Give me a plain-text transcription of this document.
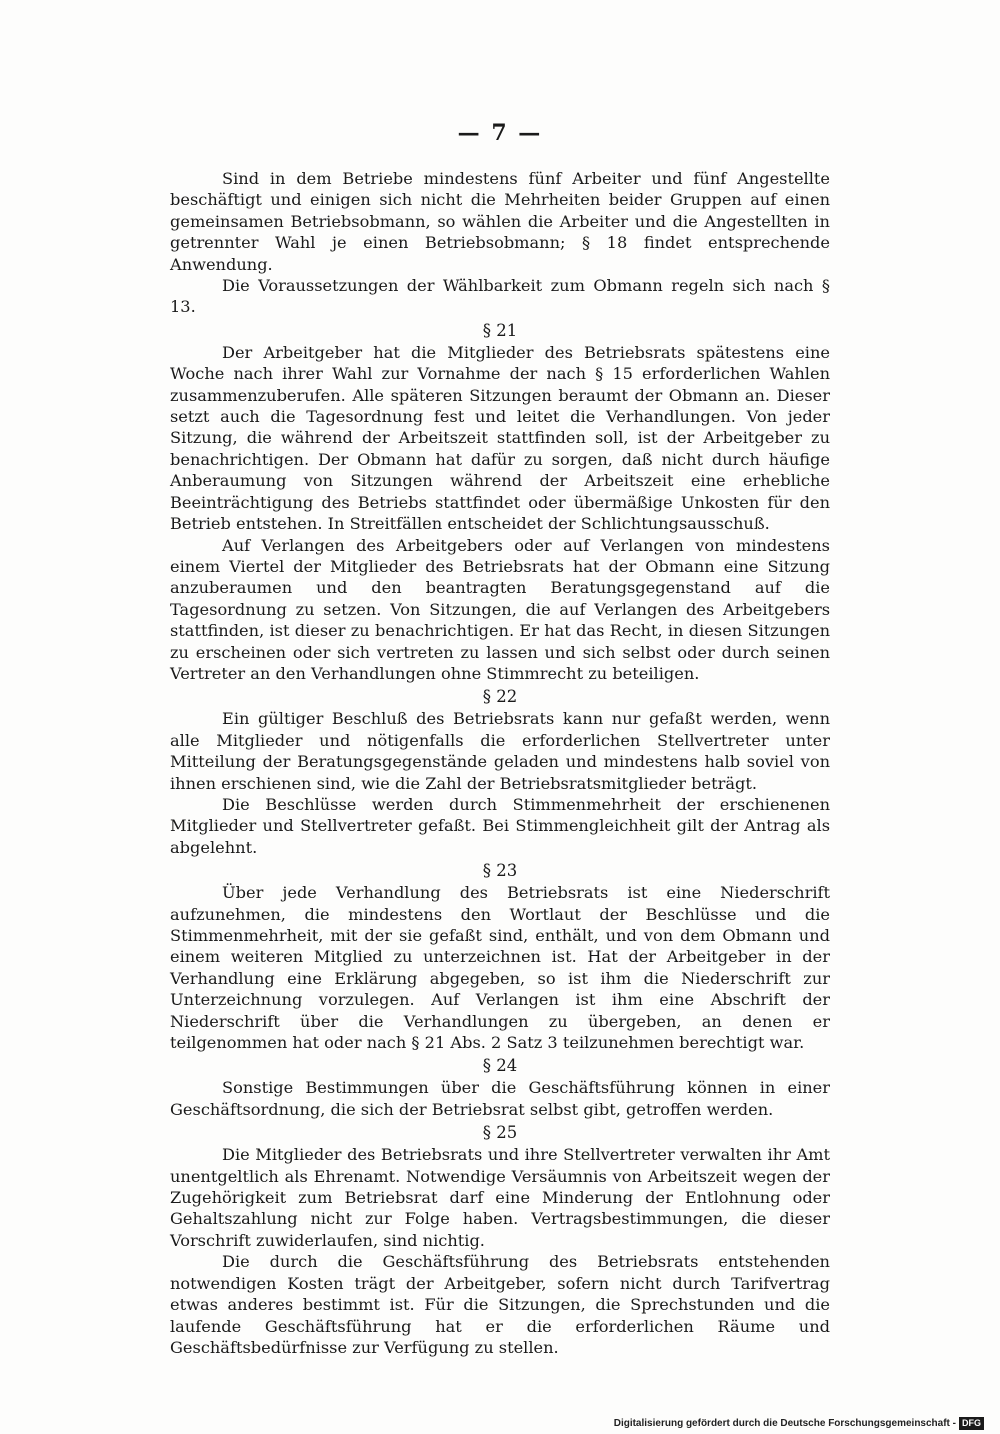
— 7 —

Sind in dem Betriebe mindestens fünf Arbeiter und fünf Angestellte beschäftigt und einigen sich nicht die Mehrheiten beider Gruppen auf einen gemeinsamen Betriebsobmann, so wählen die Arbeiter und die Angestellten in getrennter Wahl je einen Betriebsobmann; § 18 findet entsprechende Anwendung.

Die Voraussetzungen der Wählbarkeit zum Obmann regeln sich nach § 13.

§ 21

Der Arbeitgeber hat die Mitglieder des Betriebsrats spätestens eine Woche nach ihrer Wahl zur Vornahme der nach § 15 erforderlichen Wahlen zusammenzuberufen. Alle späteren Sitzungen beraumt der Obmann an. Dieser setzt auch die Tagesordnung fest und leitet die Verhandlungen. Von jeder Sitzung, die während der Arbeitszeit stattfinden soll, ist der Arbeitgeber zu benachrichtigen. Der Obmann hat dafür zu sorgen, daß nicht durch häufige Anberaumung von Sitzungen während der Arbeitszeit eine erhebliche Beeinträchtigung des Betriebs stattfindet oder übermäßige Unkosten für den Betrieb entstehen. In Streitfällen entscheidet der Schlichtungsausschuß.

Auf Verlangen des Arbeitgebers oder auf Verlangen von mindestens einem Viertel der Mitglieder des Betriebsrats hat der Obmann eine Sitzung anzuberaumen und den beantragten Beratungsgegenstand auf die Tagesordnung zu setzen. Von Sitzungen, die auf Verlangen des Arbeitgebers stattfinden, ist dieser zu benachrichtigen. Er hat das Recht, in diesen Sitzungen zu erscheinen oder sich vertreten zu lassen und sich selbst oder durch seinen Vertreter an den Verhandlungen ohne Stimmrecht zu beteiligen.

§ 22

Ein gültiger Beschluß des Betriebsrats kann nur gefaßt werden, wenn alle Mitglieder und nötigenfalls die erforderlichen Stellvertreter unter Mitteilung der Beratungsgegenstände geladen und mindestens halb soviel von ihnen erschienen sind, wie die Zahl der Betriebsratsmitglieder beträgt.

Die Beschlüsse werden durch Stimmenmehrheit der erschienenen Mitglieder und Stellvertreter gefaßt. Bei Stimmengleichheit gilt der Antrag als abgelehnt.

§ 23

Über jede Verhandlung des Betriebsrats ist eine Niederschrift aufzunehmen, die mindestens den Wortlaut der Beschlüsse und die Stimmenmehrheit, mit der sie gefaßt sind, enthält, und von dem Obmann und einem weiteren Mitglied zu unterzeichnen ist. Hat der Arbeitgeber in der Verhandlung eine Erklärung abgegeben, so ist ihm die Niederschrift zur Unterzeichnung vorzulegen. Auf Verlangen ist ihm eine Abschrift der Niederschrift über die Verhandlungen zu übergeben, an denen er teilgenommen hat oder nach § 21 Abs. 2 Satz 3 teilzunehmen berechtigt war.

§ 24

Sonstige Bestimmungen über die Geschäftsführung können in einer Geschäftsordnung, die sich der Betriebsrat selbst gibt, getroffen werden.

§ 25

Die Mitglieder des Betriebsrats und ihre Stellvertreter verwalten ihr Amt unentgeltlich als Ehrenamt. Notwendige Versäumnis von Arbeitszeit wegen der Zugehörigkeit zum Betriebsrat darf eine Minderung der Entlohnung oder Gehaltszahlung nicht zur Folge haben. Vertragsbestimmungen, die dieser Vorschrift zuwiderlaufen, sind nichtig.

Die durch die Geschäftsführung des Betriebsrats entstehenden notwendigen Kosten trägt der Arbeitgeber, sofern nicht durch Tarifvertrag etwas anderes bestimmt ist. Für die Sitzungen, die Sprechstunden und die laufende Geschäftsführung hat er die erforderlichen Räume und Geschäftsbedürfnisse zur Verfügung zu stellen.

Digitalisierung gefördert durch die Deutsche Forschungsgemeinschaft - DFG
